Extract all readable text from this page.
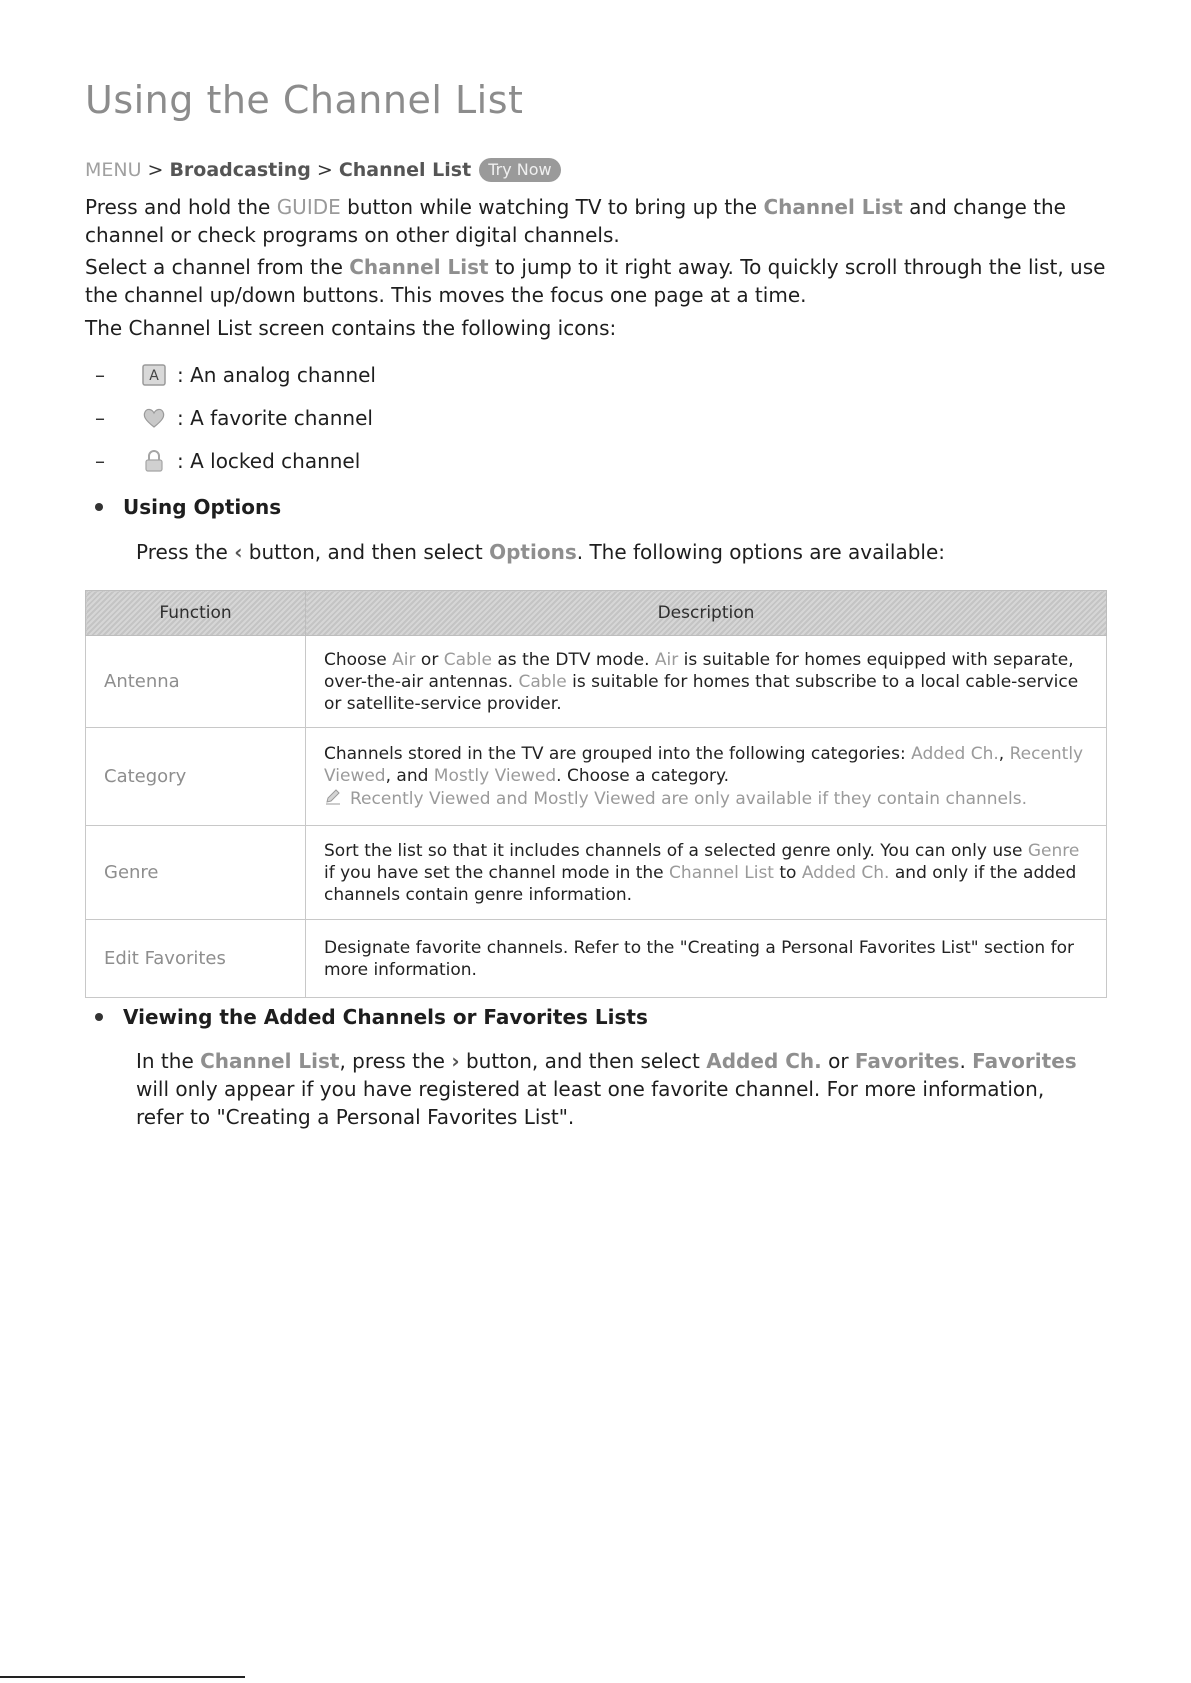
Using the Channel List
MENU > Broadcasting > Channel List	Try Now
Press and hold the GUIDE button while watching TV to bring up the Channel List and change the channel or check programs on other digital channels.
Select a channel from the Channel List to jump to it right away. To quickly scroll through the list, use the channel up/down buttons. This moves the focus one page at a time.
The Channel List screen contains the following icons:
–	A : An analog channel
–	: A favorite channel
–	: A locked channel
Using Options
Press the ‹ button, and then select Options. The following options are available:
Function	Description
Antenna	Choose Air or Cable as the DTV mode. Air is suitable for homes equipped with separate, over-the-air antennas. Cable is suitable for homes that subscribe to a local cable-service or satellite-service provider.
Category	Channels stored in the TV are grouped into the following categories: Added Ch., Recently Viewed, and Mostly Viewed. Choose a category.
Recently Viewed and Mostly Viewed are only available if they contain channels.

Genre	Sort the list so that it includes channels of a selected genre only. You can only use Genre if you have set the channel mode in the Channel List to Added Ch. and only if the added channels contain genre information.
Edit Favorites	Designate favorite channels. Refer to the "Creating a Personal Favorites List" section for more information.
Viewing the Added Channels or Favorites Lists
In the Channel List, press the › button, and then select Added Ch. or Favorites. Favorites will only appear if you have registered at least one favorite channel. For more information, refer to "Creating a Personal Favorites List".
